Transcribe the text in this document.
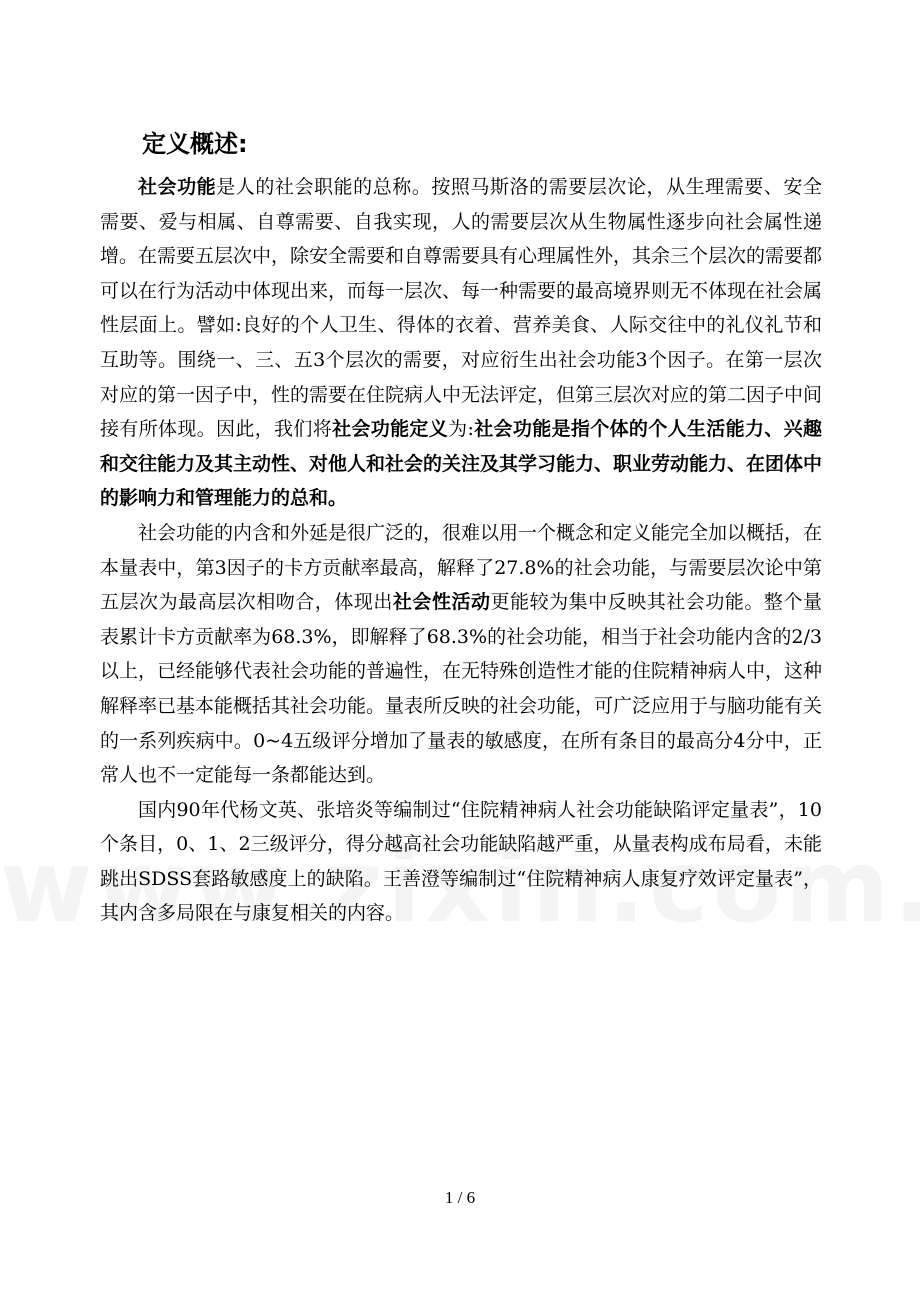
定义概述:

社会功能是人的社会职能的总称。按照马斯洛的需要层次论，从生理需要、安全需要、爱与相属、自尊需要、自我实现，人的需要层次从生物属性逐步向社会属性递增。在需要五层次中，除安全需要和自尊需要具有心理属性外，其余三个层次的需要都可以在行为活动中体现出来，而每一层次、每一种需要的最高境界则无不体现在社会属性层面上。譬如:良好的个人卫生、得体的衣着、营养美食、人际交往中的礼仪礼节和互助等。围绕一、三、五3个层次的需要，对应衍生出社会功能3个因子。在第一层次对应的第一因子中，性的需要在住院病人中无法评定，但第三层次对应的第二因子中间接有所体现。因此，我们将社会功能定义为:社会功能是指个体的个人生活能力、兴趣和交往能力及其主动性、对他人和社会的关注及其学习能力、职业劳动能力、在团体中的影响力和管理能力的总和。

社会功能的内含和外延是很广泛的，很难以用一个概念和定义能完全加以概括，在本量表中，第3因子的卡方贡献率最高，解释了27.8%的社会功能，与需要层次论中第五层次为最高层次相吻合，体现出社会性活动更能较为集中反映其社会功能。整个量表累计卡方贡献率为68.3%，即解释了68.3%的社会功能，相当于社会功能内含的2/3以上，已经能够代表社会功能的普遍性，在无特殊创造性才能的住院精神病人中，这种解释率已基本能概括其社会功能。量表所反映的社会功能，可广泛应用于与脑功能有关的一系列疾病中。0~4五级评分增加了量表的敏感度，在所有条目的最高分4分中，正常人也不一定能每一条都能达到。

国内90年代杨文英、张培炎等编制过“住院精神病人社会功能缺陷评定量表”，10个条目，0、1、2三级评分，得分越高社会功能缺陷越严重，从量表构成布局看，未能跳出SDSS套路敏感度上的缺陷。王善澄等编制过“住院精神病人康复疗效评定量表”，其内含多局限在与康复相关的内容。

1 / 6
